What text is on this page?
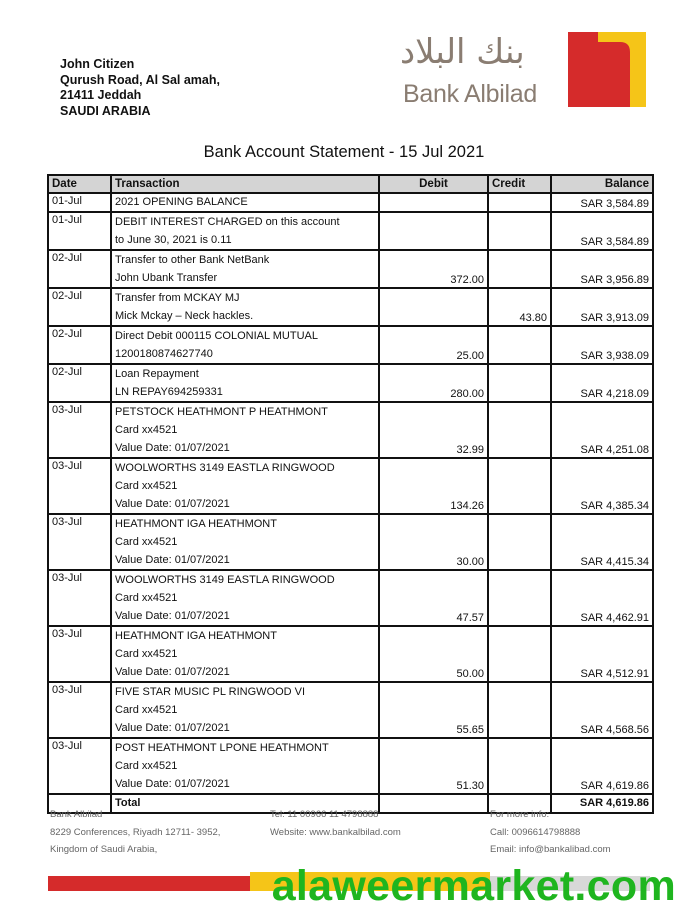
John Citizen
Qurush Road, Al Sal amah,
21411 Jeddah
SAUDI ARABIA
بنك البلاد
Bank Albilad
Bank Account Statement - 15 Jul 2021
Date	Transaction	Debit	Credit	Balance
01-Jul	2021 OPENING BALANCE			SAR 3,584.89
01-Jul	DEBIT INTEREST CHARGED on this account
to June 30, 2021 is 0.11			SAR 3,584.89
02-Jul	Transfer to other Bank NetBank
John Ubank Transfer	372.00		SAR 3,956.89
02-Jul	Transfer from MCKAY MJ
Mick Mckay – Neck hackles.		43.80	SAR 3,913.09
02-Jul	Direct Debit 000115 COLONIAL MUTUAL
1200180874627740	25.00		SAR 3,938.09
02-Jul	Loan Repayment
LN REPAY694259331	280.00		SAR 4,218.09
03-Jul	PETSTOCK HEATHMONT P HEATHMONT
Card xx4521
Value Date: 01/07/2021	32.99		SAR 4,251.08
03-Jul	WOOLWORTHS 3149 EASTLA RINGWOOD
Card xx4521
Value Date: 01/07/2021	134.26		SAR 4,385.34
03-Jul	HEATHMONT IGA HEATHMONT
Card xx4521
Value Date: 01/07/2021	30.00		SAR 4,415.34
03-Jul	WOOLWORTHS 3149 EASTLA RINGWOOD
Card xx4521
Value Date: 01/07/2021	47.57		SAR 4,462.91
03-Jul	HEATHMONT IGA HEATHMONT
Card xx4521
Value Date: 01/07/2021	50.00		SAR 4,512.91
03-Jul	FIVE STAR MUSIC PL RINGWOOD VI
Card xx4521
Value Date: 01/07/2021	55.65		SAR 4,568.56
03-Jul	POST HEATHMONT LPONE HEATHMONT
Card xx4521
Value Date: 01/07/2021	51.30		SAR 4,619.86
	Total			SAR 4,619.86
Bank Albilad
8229 Conferences, Riyadh 12711- 3952,
Kingdom of Saudi Arabia,
Tel: 11 00966 11 4798888
Website: www.bankalbilad.com
For more info:
Call: 0096614798888
Email: info@bankalibad.com
alaweermarket.com
